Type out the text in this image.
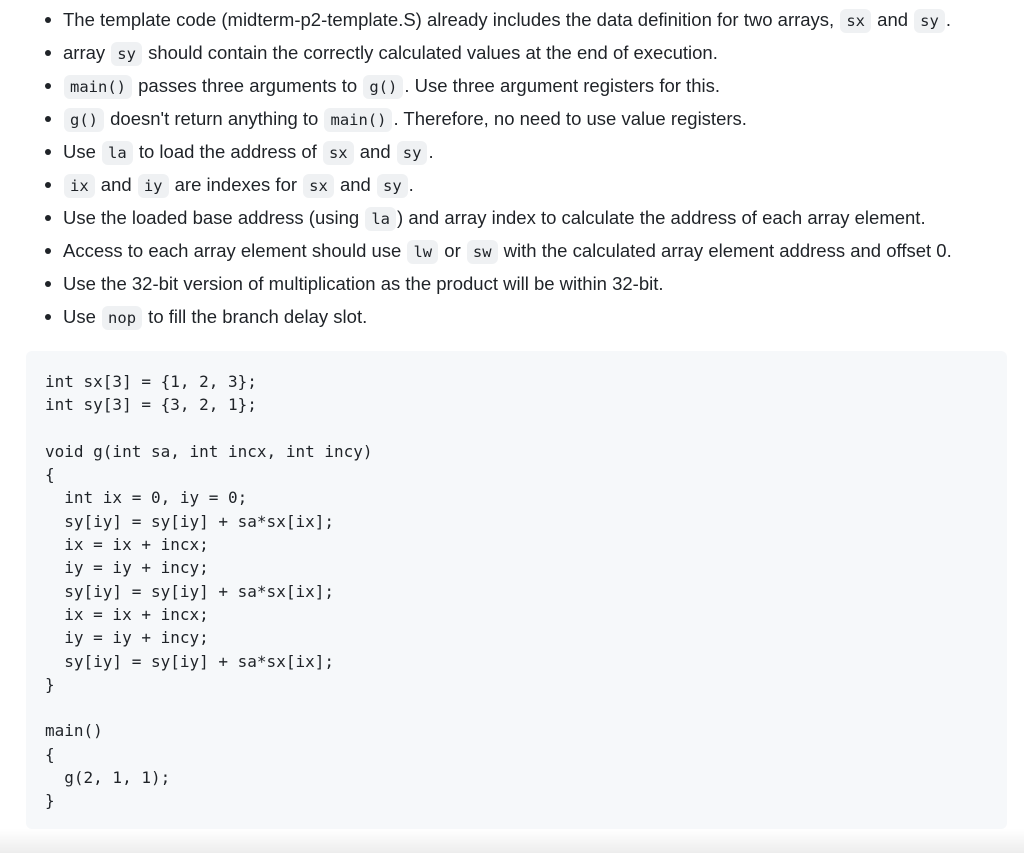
The template code (midterm-p2-template.S) already includes the data definition for two arrays, sx and sy .
array sy should contain the correctly calculated values at the end of execution.
main() passes three arguments to g() . Use three argument registers for this.
g() doesn't return anything to main() . Therefore, no need to use value registers.
Use la to load the address of sx and sy .
ix and iy are indexes for sx and sy .
Use the loaded base address (using la ) and array index to calculate the address of each array element.
Access to each array element should use lw or sw with the calculated array element address and offset 0.
Use the 32-bit version of multiplication as the product will be within 32-bit.
Use nop to fill the branch delay slot.
int sx[3] = {1, 2, 3};
int sy[3] = {3, 2, 1};
void g(int sa, int incx, int incy)
{
int ix = 0, iy = 0;
sy[iy] = sy[iy] + sa*sx[ix];
ix = ix + incx;
iy = iy + incy;
sy[iy] = sy[iy] + sa*sx[ix];
ix = ix + incx;
iy = iy + incy;
sy[iy] = sy[iy] + sa*sx[ix];
}
main()
{
g(2, 1, 1);
}
